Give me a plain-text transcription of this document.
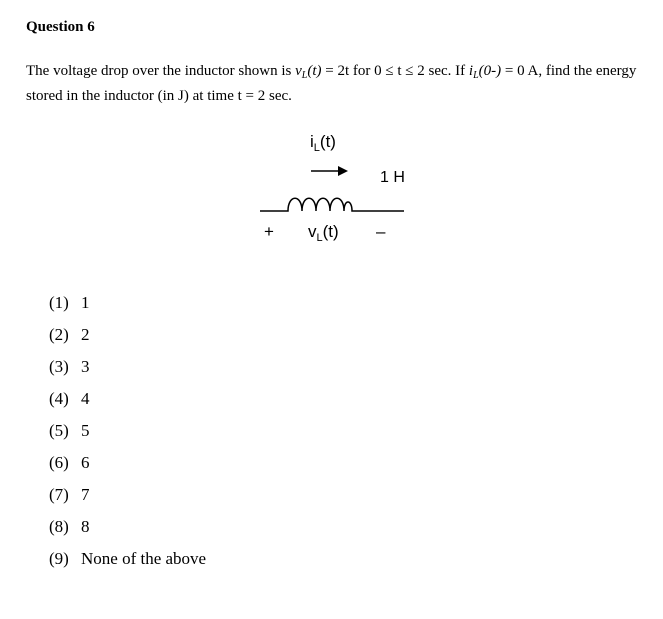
Question 6

The voltage drop over the inductor shown is $v_L(t) = 2t$ for 0 ≤ t ≤ 2 sec. If $i_L(0-) = 0$ A, find the energy stored in the inductor (in J) at time t = 2 sec.

$i_L(t)$
1 H
+ $v_L(t)$ –
(1) 1
(2) 2
(3) 3
(4) 4
(5) 5
(6) 6
(7) 7
(8) 8
(9) None of the above
